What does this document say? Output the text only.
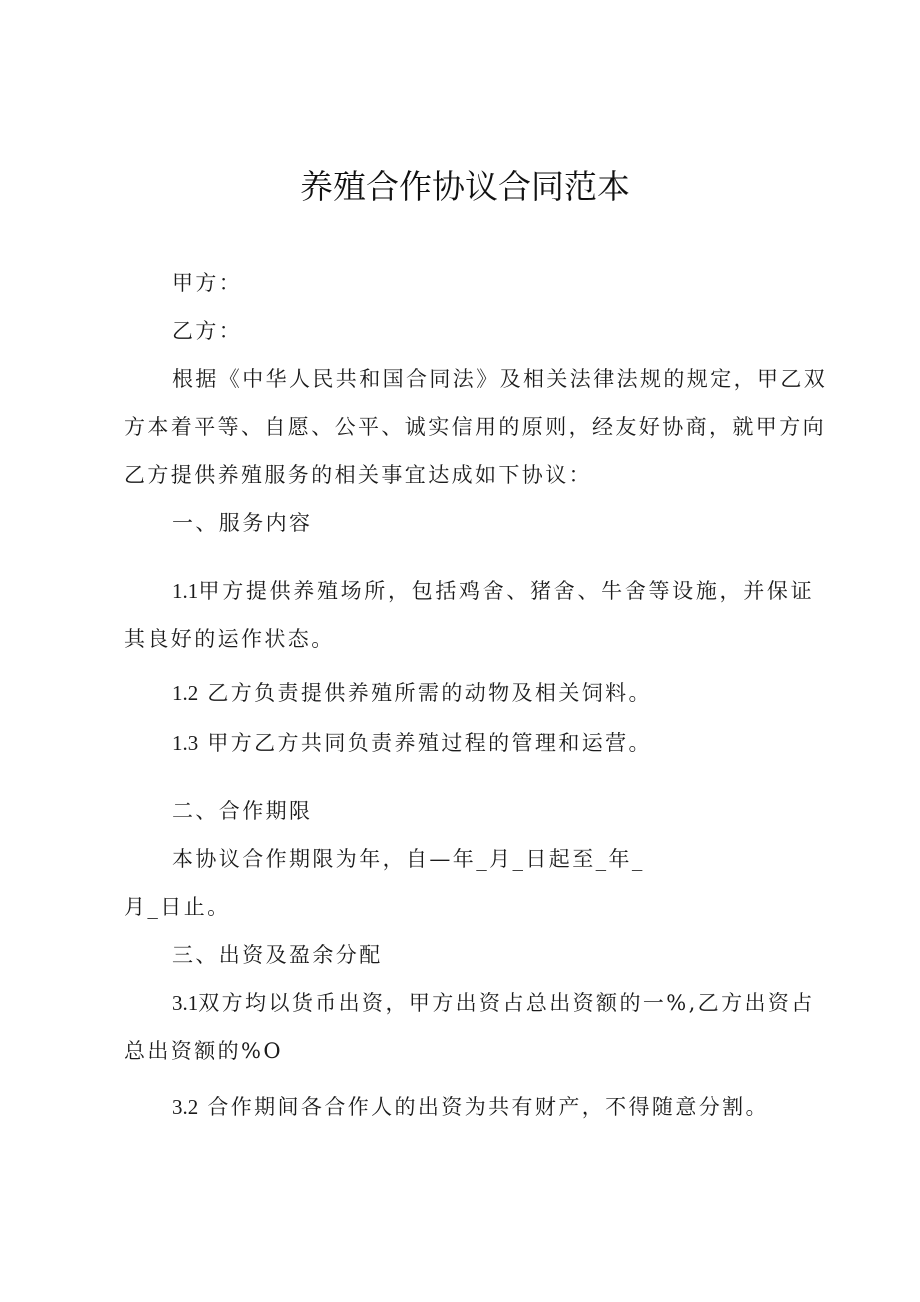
养殖合作协议合同范本

甲方：

乙方：

根据《中华人民共和国合同法》及相关法律法规的规定，甲乙双

方本着平等、自愿、公平、诚实信用的原则，经友好协商，就甲方向

乙方提供养殖服务的相关事宜达成如下协议：

一、服务内容

1.1甲方提供养殖场所，包括鸡舍、猪舍、牛舍等设施，并保证

其良好的运作状态。

1.2 乙方负责提供养殖所需的动物及相关饲料。

1.3 甲方乙方共同负责养殖过程的管理和运营。

二、合作期限

本协议合作期限为年，自—年_月_日起至_年_

月_日止。

三、出资及盈余分配

3.1双方均以货币出资，甲方出资占总出资额的一%,乙方出资占

总出资额的%O

3.2 合作期间各合作人的出资为共有财产，不得随意分割。
